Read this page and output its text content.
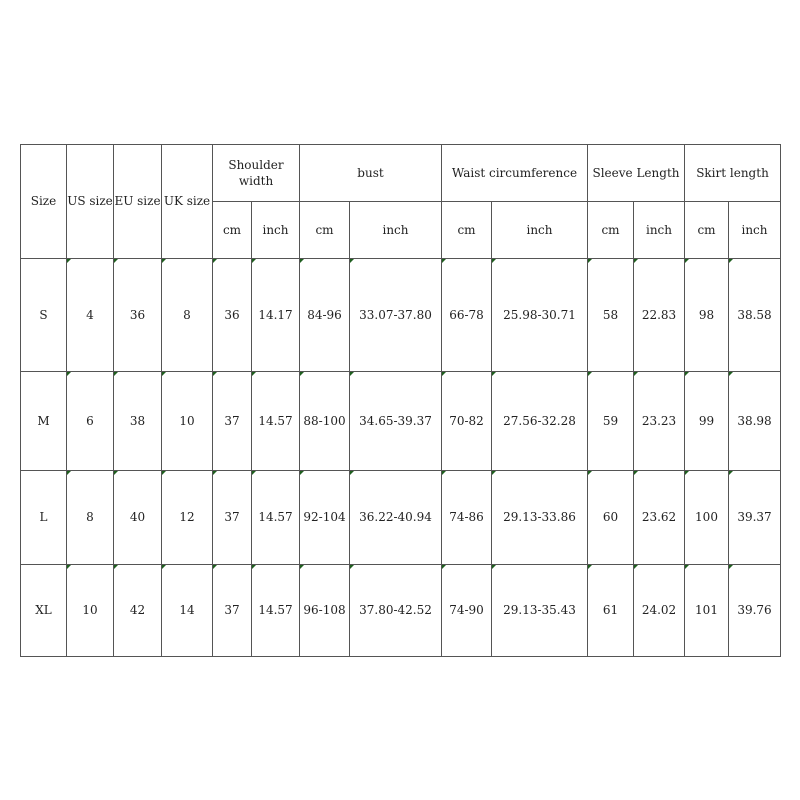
Size	US size	EU size	UK size	Shoulder width		bust		Waist circumference		Sleeve Length		Skirt length	
				cm	inch	cm	inch	cm	inch	cm	inch	cm	inch
S	4	36	8	36	14.17	84-96	33.07-37.80	66-78	25.98-30.71	58	22.83	98	38.58
M	6	38	10	37	14.57	88-100	34.65-39.37	70-82	27.56-32.28	59	23.23	99	38.98
L	8	40	12	37	14.57	92-104	36.22-40.94	74-86	29.13-33.86	60	23.62	100	39.37
XL	10	42	14	37	14.57	96-108	37.80-42.52	74-90	29.13-35.43	61	24.02	101	39.76
